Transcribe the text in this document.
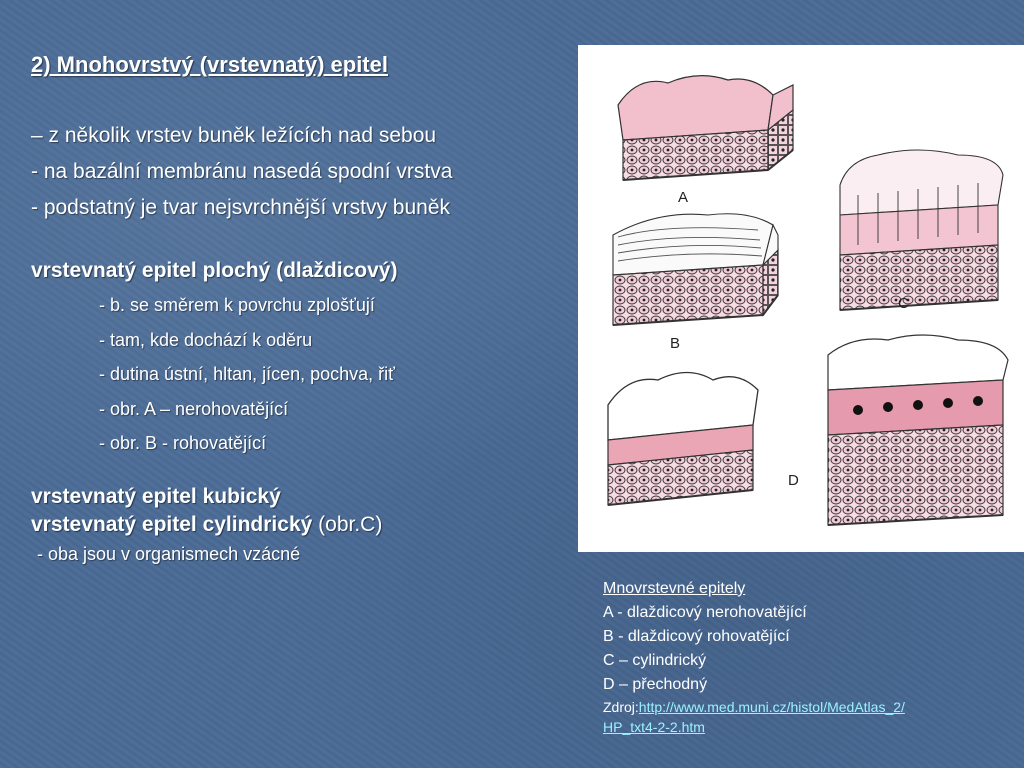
2) Mnohovrstvý (vrstevnatý) epitel
– z několik vrstev buněk ležících nad sebou
- na bazální membránu nasedá spodní vrstva
- podstatný je tvar nejsvrchnější vrstvy buněk
vrstevnatý epitel plochý (dlaždicový)
- b. se směrem k povrchu zplošťují
- tam, kde dochází k oděru
- dutina ústní, hltan, jícen, pochva, řiť
- obr. A – nerohovatějící
- obr. B - rohovatějící
vrstevnatý epitel kubický
vrstevnatý epitel cylindrický (obr.C)
- oba jsou v organismech vzácné
A
B
C
D
Mnovrstevné epitely
A - dlaždicový nerohovatějící
B - dlaždicový rohovatějící
C – cylindrický
D – přechodný
Zdroj:http://www.med.muni.cz/histol/MedAtlas_2/
HP_txt4-2-2.htm
